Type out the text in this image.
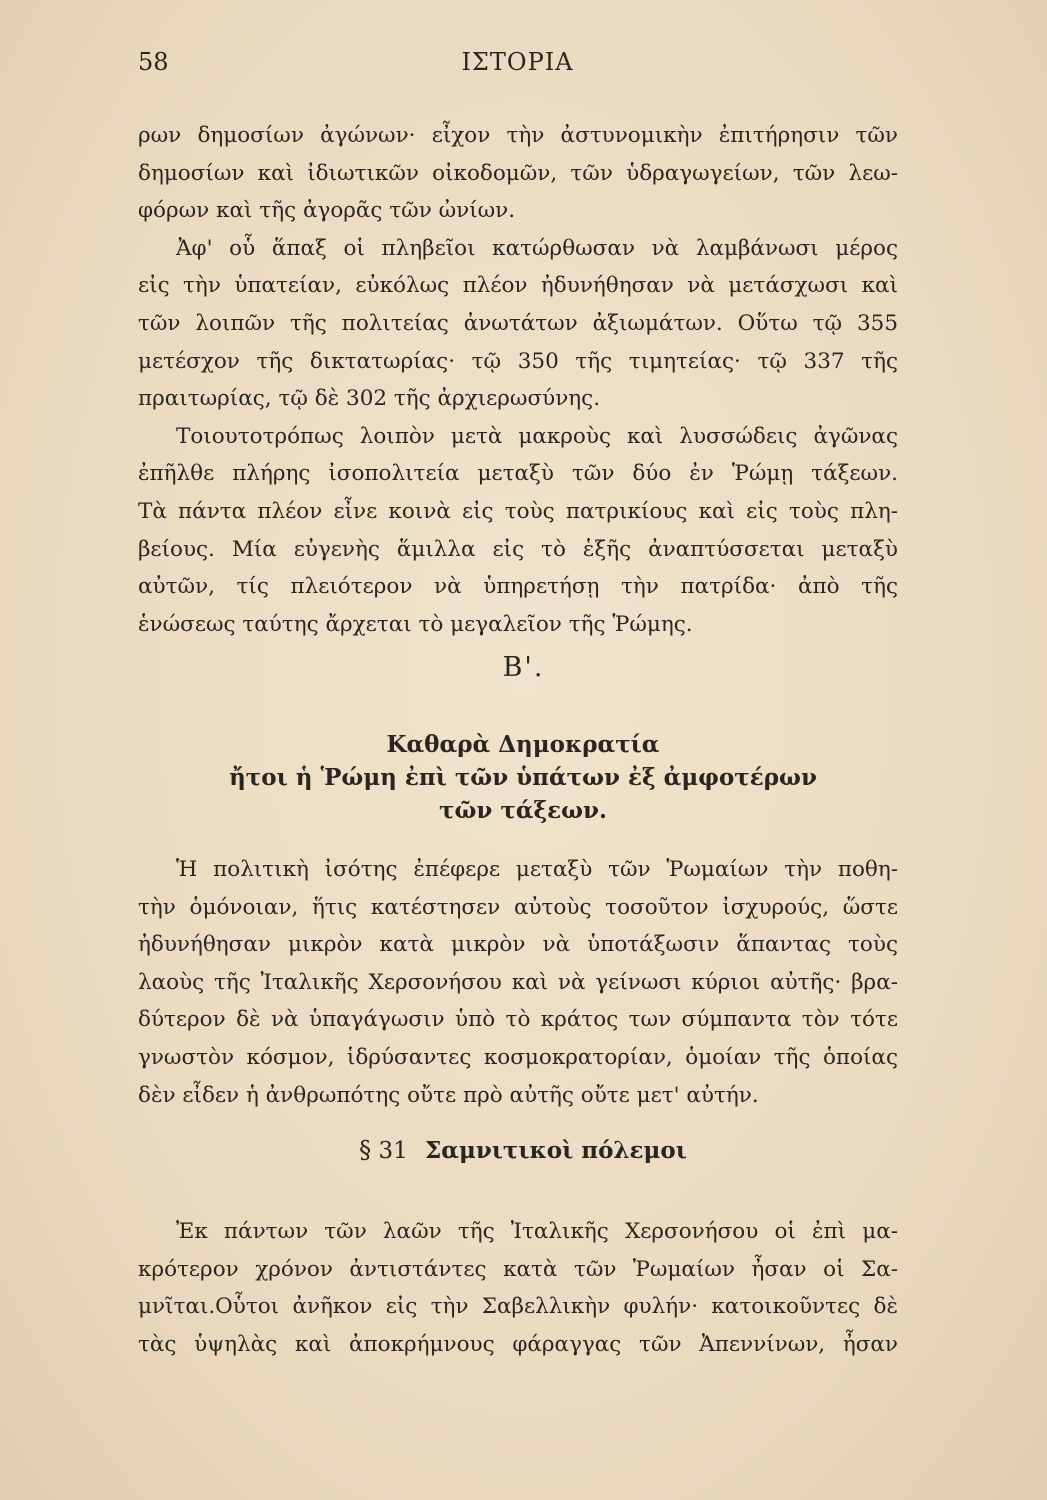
58	ΙΣΤΟΡΙΑ
ρων δημοσίων ἀγώνων· εἶχον τὴν ἀστυνομικὴν ἐπιτήρησιν τῶν
δημοσίων καὶ ἰδιωτικῶν οἰκοδομῶν, τῶν ὑδραγωγείων, τῶν λεω-
φόρων καὶ τῆς ἀγορᾶς τῶν ὠνίων.
Ἀφ' οὗ ἅπαξ οἱ πληβεῖοι κατώρθωσαν νὰ λαμβάνωσι μέρος
εἰς τὴν ὑπατείαν, εὐκόλως πλέον ἠδυνήθησαν νὰ μετάσχωσι καὶ
τῶν λοιπῶν τῆς πολιτείας ἀνωτάτων ἀξιωμάτων. Οὕτω τῷ 355
μετέσχον τῆς δικτατωρίας· τῷ 350 τῆς τιμητείας· τῷ 337 τῆς
πραιτωρίας, τῷ δὲ 302 τῆς ἀρχιερωσύνης.
Τοιουτοτρόπως λοιπὸν μετὰ μακροὺς καὶ λυσσώδεις ἀγῶνας
ἐπῆλθε πλήρης ἰσοπολιτεία μεταξὺ τῶν δύο ἐν Ῥώμῃ τάξεων.
Τὰ πάντα πλέον εἶνε κοινὰ εἰς τοὺς πατρικίους καὶ εἰς τοὺς πλη-
βείους. Μία εὐγενὴς ἅμιλλα εἰς τὸ ἑξῆς ἀναπτύσσεται μεταξὺ
αὐτῶν, τίς πλειότερον νὰ ὑπηρετήσῃ τὴν πατρίδα· ἀπὸ τῆς
ἑνώσεως ταύτης ἄρχεται τὸ μεγαλεῖον τῆς Ῥώμης.
Β'.
Καθαρὰ Δημοκρατία
ἤτοι ἡ Ῥώμη ἐπὶ τῶν ὑπάτων ἐξ ἀμφοτέρων
τῶν τάξεων.
Ἡ πολιτικὴ ἰσότης ἐπέφερε μεταξὺ τῶν Ῥωμαίων τὴν ποθη-
τὴν ὁμόνοιαν, ἥτις κατέστησεν αὐτοὺς τοσοῦτον ἰσχυρούς, ὥστε
ἠδυνήθησαν μικρὸν κατὰ μικρὸν νὰ ὑποτάξωσιν ἅπαντας τοὺς
λαοὺς τῆς Ἰταλικῆς Χερσονήσου καὶ νὰ γείνωσι κύριοι αὐτῆς· βρα-
δύτερον δὲ νὰ ὑπαγάγωσιν ὑπὸ τὸ κράτος των σύμπαντα τὸν τότε
γνωστὸν κόσμον, ἱδρύσαντες κοσμοκρατορίαν, ὁμοίαν τῆς ὁποίας
δὲν εἶδεν ἡ ἀνθρωπότης οὔτε πρὸ αὐτῆς οὔτε μετ' αὐτήν.
§ 31 Σαμνιτικοὶ πόλεμοι
Ἐκ πάντων τῶν λαῶν τῆς Ἰταλικῆς Χερσονήσου οἱ ἐπὶ μα-
κρότερον χρόνον ἀντιστάντες κατὰ τῶν Ῥωμαίων ἦσαν οἱ Σα-
μνῖται.Οὗτοι ἀνῆκον εἰς τὴν Σαβελλικὴν φυλήν· κατοικοῦντες δὲ
τὰς ὑψηλὰς καὶ ἀποκρήμνους φάραγγας τῶν Ἀπεννίνων, ἦσαν
